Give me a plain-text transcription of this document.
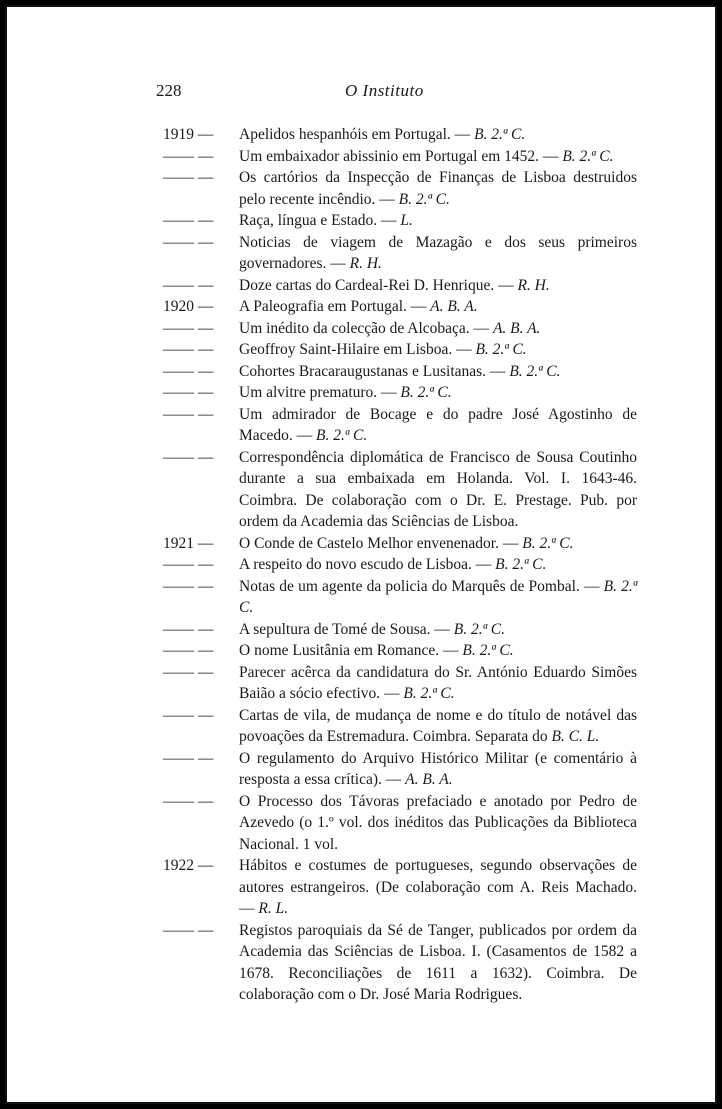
228	O Instituto
1919 — Apelidos hespanhóis em Portugal. — B. 2.ª C.
—— — Um embaixador abissinio em Portugal em 1452. — B. 2.ª C.
—— — Os cartórios da Inspecção de Finanças de Lisboa destruidos pelo recente incêndio. — B. 2.ª C.
—— — Raça, língua e Estado. — L.
—— — Noticias de viagem de Mazagão e dos seus primeiros governadores. — R. H.
—— — Doze cartas do Cardeal-Rei D. Henrique. — R. H.
1920 — A Paleografia em Portugal. — A. B. A.
—— — Um inédito da colecção de Alcobaça. — A. B. A.
—— — Geoffroy Saint-Hilaire em Lisboa. — B. 2.ª C.
—— — Cohortes Bracaraugustanas e Lusitanas. — B. 2.ª C.
—— — Um alvitre prematuro. — B. 2.ª C.
—— — Um admirador de Bocage e do padre José Agostinho de Macedo. — B. 2.ª C.
—— — Correspondência diplomática de Francisco de Sousa Coutinho durante a sua embaixada em Holanda. Vol. I. 1643-46. Coimbra. De colaboração com o Dr. E. Prestage. Pub. por ordem da Academia das Sciências de Lisboa.
1921 — O Conde de Castelo Melhor envenenador. — B. 2.ª C.
—— — A respeito do novo escudo de Lisboa. — B. 2.ª C.
—— — Notas de um agente da policia do Marquês de Pombal. — B. 2.ª C.
—— — A sepultura de Tomé de Sousa. — B. 2.ª C.
—— — O nome Lusitânia em Romance. — B. 2.ª C.
—— — Parecer acêrca da candidatura do Sr. António Eduardo Simões Baião a sócio efectivo. — B. 2.ª C.
—— — Cartas de vila, de mudança de nome e do título de notável das povoações da Estremadura. Coimbra. Separata do B. C. L.
—— — O regulamento do Arquivo Histórico Militar (e comentário à resposta a essa crítica). — A. B. A.
—— — O Processo dos Távoras prefaciado e anotado por Pedro de Azevedo (o 1.º vol. dos inéditos das Publicações da Biblioteca Nacional. 1 vol.
1922 — Hábitos e costumes de portugueses, segundo observações de autores estrangeiros. (De colaboração com A. Reis Machado. — R. L.
—— — Registos paroquiais da Sé de Tanger, publicados por ordem da Academia das Sciências de Lisboa. I. (Casamentos de 1582 a 1678. Reconciliações de 1611 a 1632). Coimbra. De colaboração com o Dr. José Maria Rodrigues.
